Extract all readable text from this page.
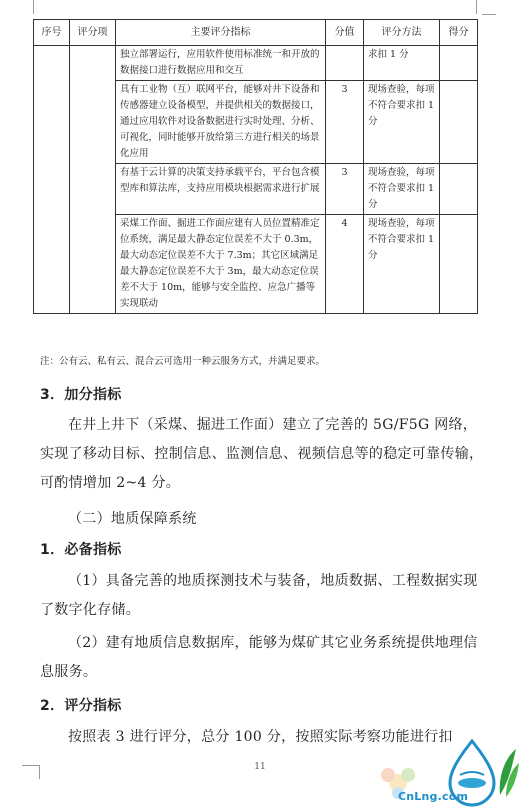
序号	评分项	主要评分指标	分值	评分方法	得分
		独立部署运行，应用软件使用标准统一和开放的数据接口进行数据应用和交互		求扣 1 分	
		具有工业物（互）联网平台，能够对井下设备和传感器建立设备模型，并提供相关的数据接口，通过应用软件对设备数据进行实时处理、分析、可视化，同时能够开放给第三方进行相关的场景化应用	3	现场查验，每项不符合要求扣 1 分	
		有基于云计算的决策支持承载平台，平台包含模型库和算法库，支持应用模块根据需求进行扩展	3	现场查验，每项不符合要求扣 1 分	
		采煤工作面、掘进工作面应建有人员位置精准定位系统，满足最大静态定位误差不大于 0.3m，最大动态定位误差不大于 7.3m；其它区域满足最大静态定位误差不大于 3m，最大动态定位误差不大于 10m，能够与安全监控、应急广播等实现联动	4	现场查验，每项不符合要求扣 1 分	
注：公有云、私有云、混合云可选用一种云服务方式，并满足要求。
3．加分指标
在井上井下（采煤、掘进工作面）建立了完善的 5G/F5G 网络，实现了移动目标、控制信息、监测信息、视频信息等的稳定可靠传输，可酌情增加 2~4 分。
（二）地质保障系统
1．必备指标
（1）具备完善的地质探测技术与装备，地质数据、工程数据实现了数字化存储。
（2）建有地质信息数据库，能够为煤矿其它业务系统提供地理信息服务。
2．评分指标
按照表 3 进行评分，总分 100 分，按照实际考察功能进行扣
11
CnLng.com
